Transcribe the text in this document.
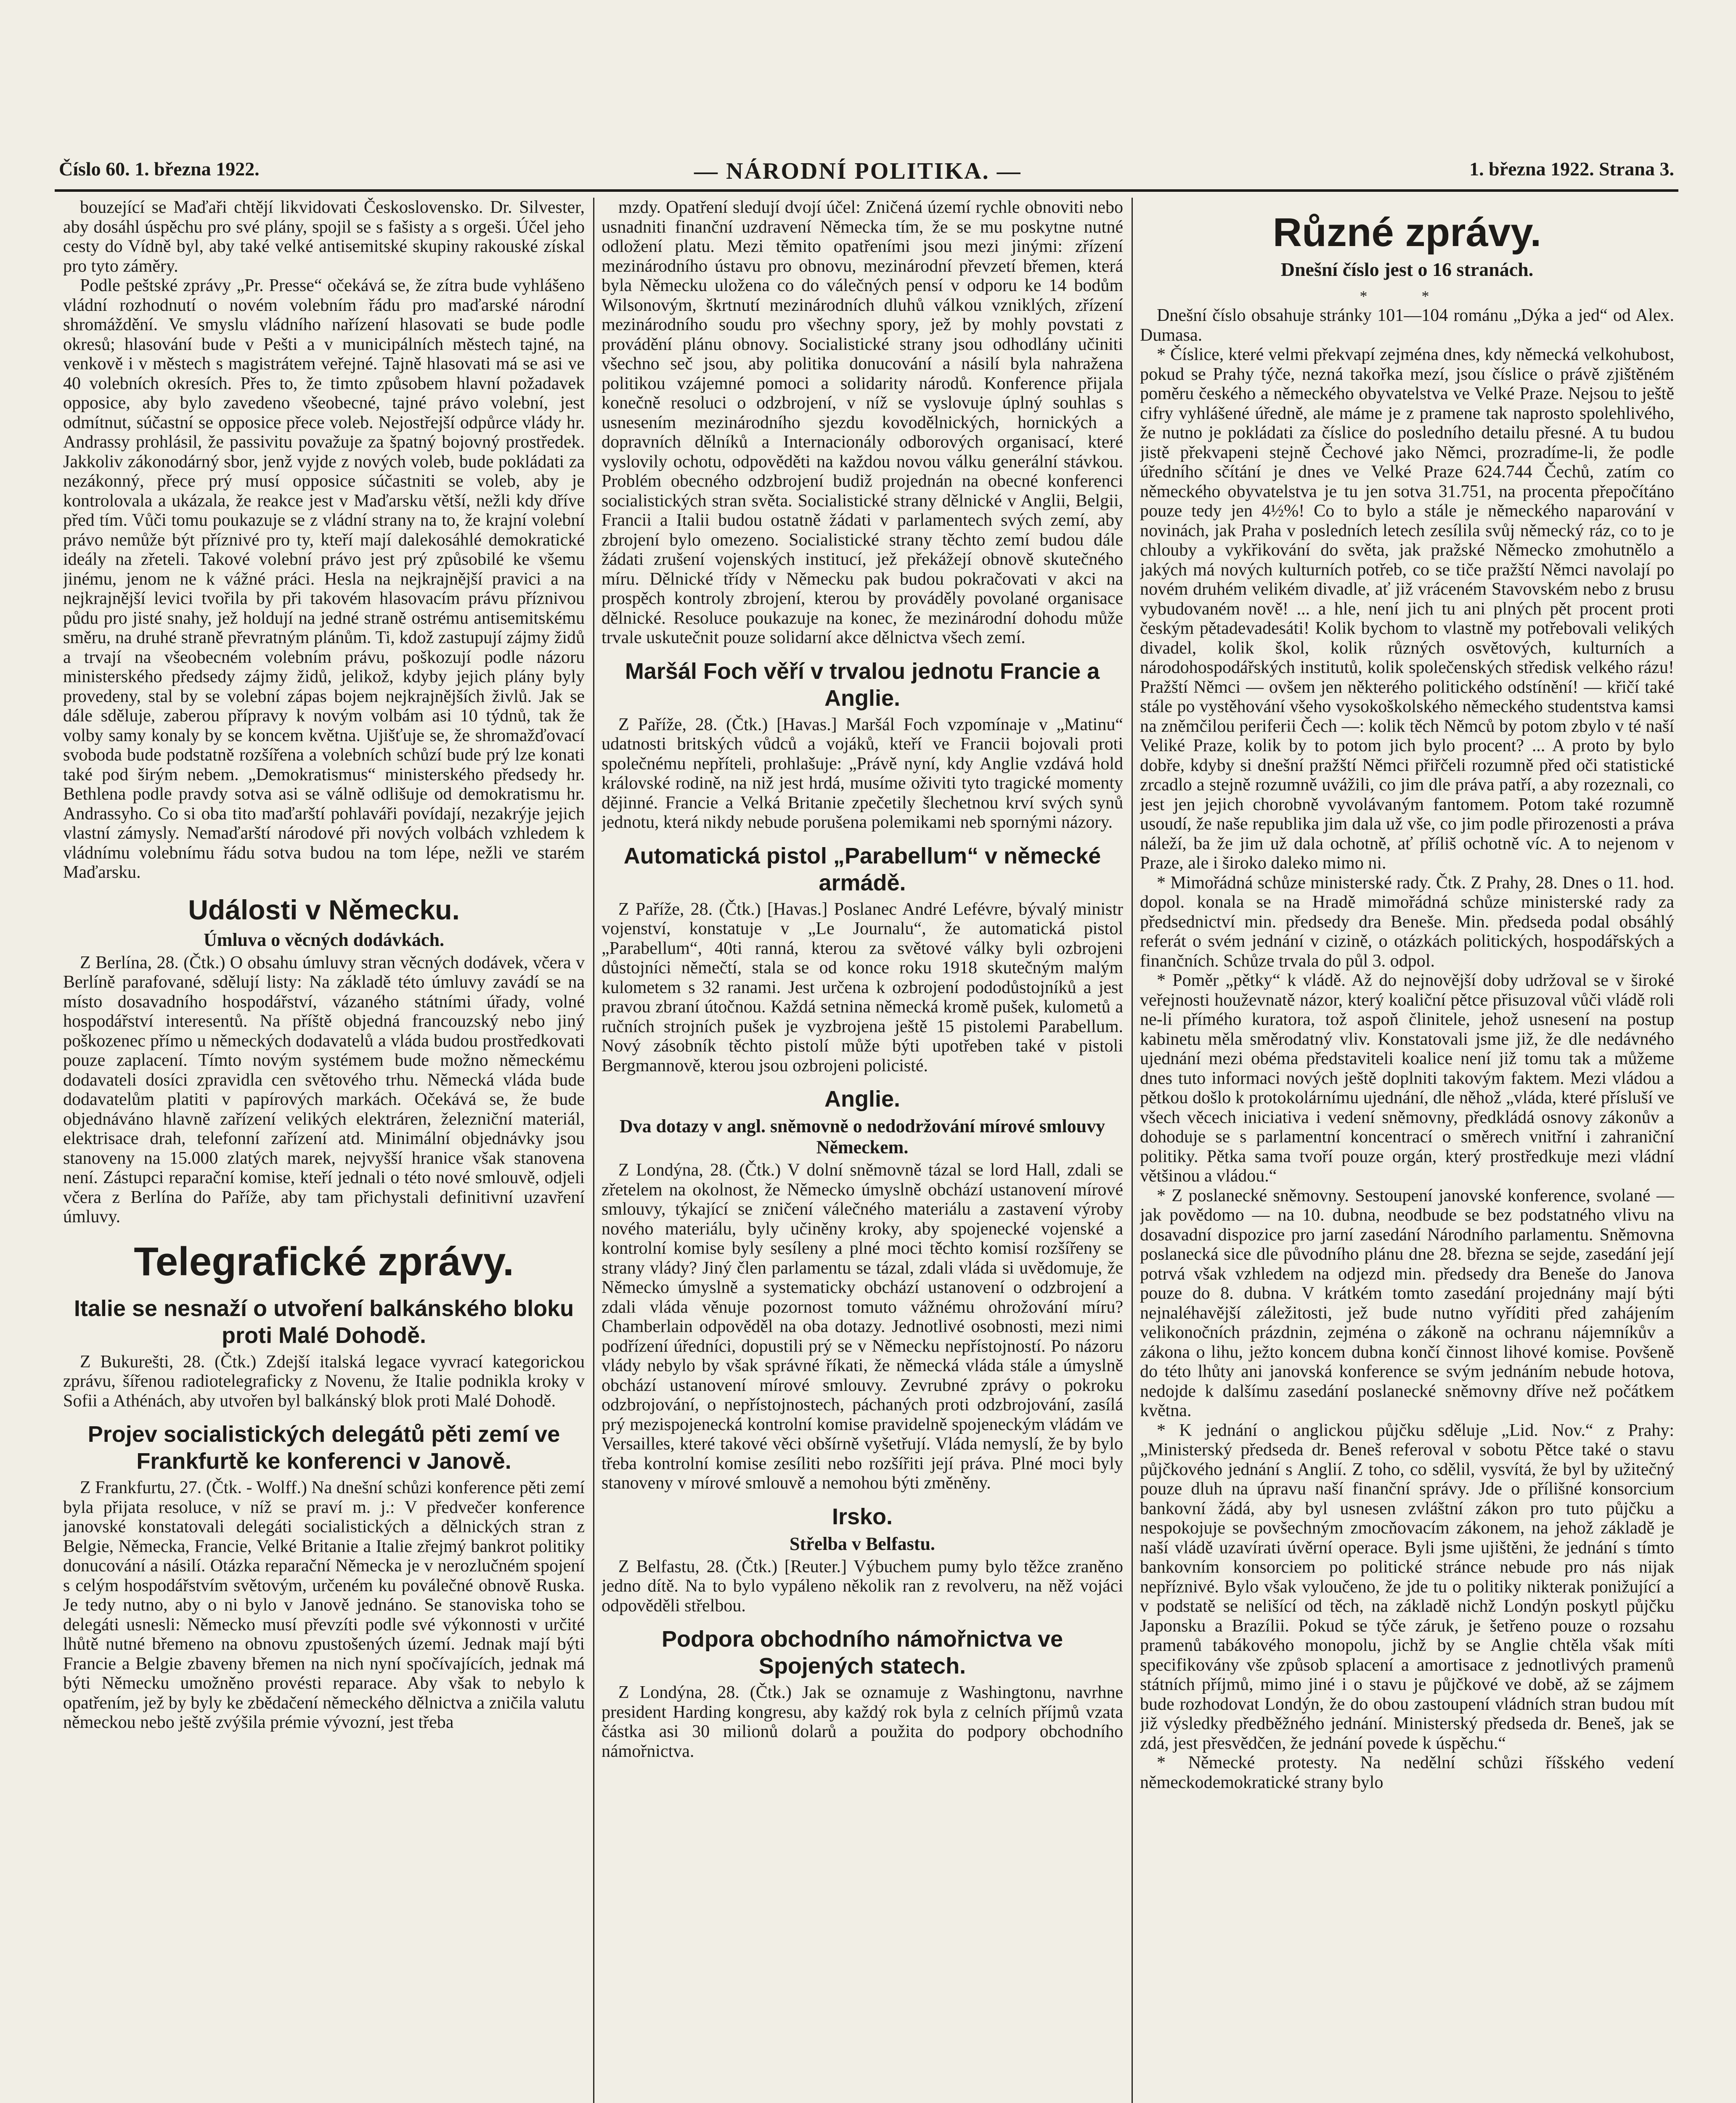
Číslo 60. 1. března 1922.	— NÁRODNÍ POLITIKA. —	1. března 1922. Strana 3.

bouzející se Maďaři chtějí likvidovati Československo. Dr. Silvester, aby dosáhl úspěchu pro své plány, spojil se s fašisty a s orgeši. Účel jeho cesty do Vídně byl, aby také velké antisemitské skupiny rakouské získal pro tyto záměry.

Podle peštské zprávy „Pr. Presse“ očekává se, že zítra bude vyhlášeno vládní rozhodnutí o novém volebním řádu pro maďarské národní shromáždění. Ve smyslu vládního nařízení hlasovati se bude podle okresů; hlasování bude v Pešti a v municipálních městech tajné, na venkově i v městech s magistrátem veřejné. Tajně hlasovati má se asi ve 40 volebních okresích. Přes to, že timto způsobem hlavní požadavek opposice, aby bylo zavedeno všeobecné, tajné právo volební, jest odmítnut, súčastní se opposice přece voleb. Nejostřejší odpůrce vlády hr. Andrassy prohlásil, že passivitu považuje za špatný bojovný prostředek. Jakkoliv zákonodárný sbor, jenž vyjde z nových voleb, bude pokládati za nezákonný, přece prý musí opposice súčastniti se voleb, aby je kontrolovala a ukázala, že reakce jest v Maďarsku větší, nežli kdy dříve před tím. Vůči tomu poukazuje se z vládní strany na to, že krajní volební právo nemůže být příznivé pro ty, kteří mají dalekosáhlé demokratické ideály na zřeteli. Takové volební právo jest prý způsobilé ke všemu jinému, jenom ne k vážné práci. Hesla na nejkrajnější pravici a na nejkrajnější levici tvořila by při takovém hlasovacím právu příznivou půdu pro jisté snahy, jež holdují na jedné straně ostrému antisemitskému směru, na druhé straně převratným plánům. Ti, kdož zastupují zájmy židů a trvají na všeobecném volebním právu, poškozují podle názoru ministerského předsedy zájmy židů, jelikož, kdyby jejich plány byly provedeny, stal by se volební zápas bojem nejkrajnějších živlů. Jak se dále sděluje, zaberou přípravy k novým volbám asi 10 týdnů, tak že volby samy konaly by se koncem května. Ujišťuje se, že shromažďovací svoboda bude podstatně rozšířena a volebních schůzí bude prý lze konati také pod širým nebem. „Demokratismus“ ministerského předsedy hr. Bethlena podle pravdy sotva asi se válně odlišuje od demokratismu hr. Andrassyho. Co si oba tito maďarští pohlaváři povídají, nezakrýje jejich vlastní zámysly. Nemaďarští národové při nových volbách vzhledem k vládnímu volebnímu řádu sotva budou na tom lépe, nežli ve starém Maďarsku.

Události v Německu.
Úmluva o věcných dodávkách.

Z Berlína, 28. (Čtk.) O obsahu úmluvy stran věcných dodávek, včera v Berlíně parafované, sdělují listy: Na základě této úmluvy zavádí se na místo dosavadního hospodářství, vázaného státními úřady, volné hospodářství interesentů. Na příště objedná francouzský nebo jiný poškozenec přímo u německých dodavatelů a vláda budou prostředkovati pouze zaplacení. Tímto novým systémem bude možno německému dodavateli dosíci zpravidla cen světového trhu. Německá vláda bude dodavatelům platiti v papírových markách. Očekává se, že bude objednáváno hlavně zařízení velikých elektráren, železniční materiál, elektrisace drah, telefonní zařízení atd. Minimální objednávky jsou stanoveny na 15.000 zlatých marek, nejvyšší hranice však stanovena není. Zástupci reparační komise, kteří jednali o této nové smlouvě, odjeli včera z Berlína do Paříže, aby tam přichystali definitivní uzavření úmluvy.

Telegrafické zprávy.
Italie se nesnaží o utvoření balkánského bloku proti Malé Dohodě.

Z Bukurešti, 28. (Čtk.) Zdejší italská legace vyvrací kategorickou zprávu, šířenou radiotelegraficky z Novenu, že Italie podnikla kroky v Sofii a Athénách, aby utvořen byl balkánský blok proti Malé Dohodě.

Projev socialistických delegátů pěti zemí ve Frankfurtě ke konferenci v Janově.

Z Frankfurtu, 27. (Čtk. - Wolff.) Na dnešní schůzi konference pěti zemí byla přijata resoluce, v níž se praví m. j.: V předvečer konference janovské konstatovali delegáti socialistických a dělnických stran z Belgie, Německa, Francie, Velké Britanie a Italie zřejmý bankrot politiky donucování a násilí. Otázka reparační Německa je v nerozlučném spojení s celým hospodářstvím světovým, určeném ku poválečné obnově Ruska. Je tedy nutno, aby o ni bylo v Janově jednáno. Se stanoviska toho se delegáti usnesli: Německo musí převzíti podle své výkonnosti v určité lhůtě nutné břemeno na obnovu zpustošených území. Jednak mají býti Francie a Belgie zbaveny břemen na nich nyní spočívajících, jednak má býti Německu umožněno provésti reparace. Aby však to nebylo k opatřením, jež by byly ke zbědačení německého dělnictva a zničila valutu německou nebo ještě zvýšila prémie vývozní, jest třeba

mzdy. Opatření sledují dvojí účel: Zničená území rychle obnoviti nebo usnadniti finanční uzdravení Německa tím, že se mu poskytne nutné odložení platu. Mezi těmito opatřeními jsou mezi jinými: zřízení mezinárodního ústavu pro obnovu, mezinárodní převzetí břemen, která byla Německu uložena co do válečných pensí v odporu ke 14 bodům Wilsonovým, škrtnutí mezinárodních dluhů válkou vzniklých, zřízení mezinárodního soudu pro všechny spory, jež by mohly povstati z provádění plánu obnovy. Socialistické strany jsou odhodlány učiniti všechno seč jsou, aby politika donucování a násilí byla nahražena politikou vzájemné pomoci a solidarity národů. Konference přijala konečně resoluci o odzbrojení, v níž se vyslovuje úplný souhlas s usnesením mezinárodního sjezdu kovodělnických, hornických a dopravních dělníků a Internacionály odborových organisací, které vyslovily ochotu, odpověděti na každou novou válku generální stávkou. Problém obecného odzbrojení budiž projednán na obecné konferenci socialistických stran světa. Socialistické strany dělnické v Anglii, Belgii, Francii a Italii budou ostatně žádati v parlamentech svých zemí, aby zbrojení bylo omezeno. Socialistické strany těchto zemí budou dále žádati zrušení vojenských institucí, jež překážejí obnově skutečného míru. Dělnické třídy v Německu pak budou pokračovati v akci na prospěch kontroly zbrojení, kterou by prováděly povolané organisace dělnické. Resoluce poukazuje na konec, že mezinárodní dohodu může trvale uskutečnit pouze solidarní akce dělnictva všech zemí.

Maršál Foch věří v trvalou jednotu Francie a Anglie.

Z Paříže, 28. (Čtk.) [Havas.] Maršál Foch vzpomínaje v „Matinu“ udatnosti britských vůdců a vojáků, kteří ve Francii bojovali proti společnému nepříteli, prohlašuje: „Právě nyní, kdy Anglie vzdává hold královské rodině, na niž jest hrdá, musíme oživiti tyto tragické momenty dějinné. Francie a Velká Britanie zpečetily šlechetnou krví svých synů jednotu, která nikdy nebude porušena polemikami neb spornými názory.

Automatická pistol „Parabellum“ v německé armádě.

Z Paříže, 28. (Čtk.) [Havas.] Poslanec André Lefévre, bývalý ministr vojenství, konstatuje v „Le Journalu“, že automatická pistol „Parabellum“, 40ti ranná, kterou za světové války byli ozbrojeni důstojníci němečtí, stala se od konce roku 1918 skutečným malým kulometem s 32 ranami. Jest určena k ozbrojení pododůstojníků a jest pravou zbraní útočnou. Každá setnina německá kromě pušek, kulometů a ručních strojních pušek je vyzbrojena ještě 15 pistolemi Parabellum. Nový zásobník těchto pistolí může býti upotřeben také v pistoli Bergmannově, kterou jsou ozbrojeni policisté.

Anglie.
Dva dotazy v angl. sněmovně o nedodržování mírové smlouvy Německem.

Z Londýna, 28. (Čtk.) V dolní sněmovně tázal se lord Hall, zdali se zřetelem na okolnost, že Německo úmyslně obchází ustanovení mírové smlouvy, týkající se zničení válečného materiálu a zastavení výroby nového materiálu, byly učiněny kroky, aby spojenecké vojenské a kontrolní komise byly sesíleny a plné moci těchto komisí rozšířeny se strany vlády? Jiný člen parlamentu se tázal, zdali vláda si uvědomuje, že Německo úmyslně a systematicky obchází ustanovení o odzbrojení a zdali vláda věnuje pozornost tomuto vážnému ohrožování míru? Chamberlain odpověděl na oba dotazy. Jednotlivé osobnosti, mezi nimi podřízení úředníci, dopustili prý se v Německu nepřístojností. Po názoru vlády nebylo by však správné říkati, že německá vláda stále a úmyslně obchází ustanovení mírové smlouvy. Zevrubné zprávy o pokroku odzbrojování, o nepřístojnostech, páchaných proti odzbrojování, zasílá prý mezispojenecká kontrolní komise pravidelně spojeneckým vládám ve Versailles, které takové věci obšírně vyšetřují. Vláda nemyslí, že by bylo třeba kontrolní komise zesíliti nebo rozšířiti její práva. Plné moci byly stanoveny v mírové smlouvě a nemohou býti změněny.

Irsko.
Střelba v Belfastu.

Z Belfastu, 28. (Čtk.) [Reuter.] Výbuchem pumy bylo těžce zraněno jedno dítě. Na to bylo vypáleno několik ran z revolveru, na něž vojáci odpověděli střelbou.

Podpora obchodního námořnictva ve Spojených statech.

Z Londýna, 28. (Čtk.) Jak se oznamuje z Washingtonu, navrhne president Harding kongresu, aby každý rok byla z celních příjmů vzata částka asi 30 milionů dolarů a použita do podpory obchodního námořnictva.

Různé zprávy.
Dnešní číslo jest o 16 stranách.
* *

Dnešní číslo obsahuje stránky 101—104 románu „Dýka a jed“ od Alex. Dumasa.

* Číslice, které velmi překvapí zejména dnes, kdy německá velkohubost, pokud se Prahy týče, nezná takořka mezí, jsou číslice o právě zjištěném poměru českého a německého obyvatelstva ve Velké Praze. Nejsou to ještě cifry vyhlášené úředně, ale máme je z pramene tak naprosto spolehlivého, že nutno je pokládati za číslice do posledního detailu přesné. A tu budou jistě překvapeni stejně Čechové jako Němci, prozradíme-li, že podle úředního sčítání je dnes ve Velké Praze 624.744 Čechů, zatím co německého obyvatelstva je tu jen sotva 31.751, na procenta přepočítáno pouze tedy jen 4½%! Co to bylo a stále je německého naparování v novinách, jak Praha v posledních letech zesílila svůj německý ráz, co to je chlouby a vykřikování do světa, jak pražské Německo zmohutnělo a jakých má nových kulturních potřeb, co se tiče pražští Němci navolají po novém druhém velikém divadle, ať již vráceném Stavovském nebo z brusu vybudovaném nově! ... a hle, není jich tu ani plných pět procent proti českým pětadevadesáti! Kolik bychom to vlastně my potřebovali velikých divadel, kolik škol, kolik různých osvětových, kulturních a národohospodářských institutů, kolik společenských středisk velkého rázu! Pražští Němci — ovšem jen některého politického odstínění! — křičí také stále po vystěhování všeho vysokoškolského německého studentstva kamsi na zněmčilou periferii Čech —: kolik těch Němců by potom zbylo v té naší Veliké Praze, kolik by to potom jich bylo procent? ... A proto by bylo dobře, kdyby si dnešní pražští Němci přiřčeli rozumně před oči statistické zrcadlo a stejně rozumně uvážili, co jim dle práva patří, a aby rozeznali, co jest jen jejich chorobně vyvolávaným fantomem. Potom také rozumně usoudí, že naše republika jim dala už vše, co jim podle přirozenosti a práva náleží, ba že jim už dala ochotně, ať příliš ochotně víc. A to nejenom v Praze, ale i široko daleko mimo ni.

* Mimořádná schůze ministerské rady. Čtk. Z Prahy, 28. Dnes o 11. hod. dopol. konala se na Hradě mimořádná schůze ministerské rady za předsednictví min. předsedy dra Beneše. Min. předseda podal obsáhlý referát o svém jednání v cizině, o otázkách politických, hospodářských a finančních. Schůze trvala do půl 3. odpol.

* Poměr „pětky“ k vládě. Až do nejnovější doby udržoval se v široké veřejnosti houževnatě názor, který koaliční pětce přisuzoval vůči vládě roli ne-li přímého kuratora, tož aspoň člinitele, jehož usnesení na postup kabinetu měla směrodatný vliv. Konstatovali jsme již, že dle nedávného ujednání mezi obéma představiteli koalice není již tomu tak a můžeme dnes tuto informaci nových ještě doplniti takovým faktem. Mezi vládou a pětkou došlo k protokolárnímu ujednání, dle něhož „vláda, které přísluší ve všech věcech iniciativa i vedení sněmovny, předkládá osnovy zákonův a dohoduje se s parlamentní koncentrací o směrech vnitřní i zahraniční politiky. Pětka sama tvoří pouze orgán, který prostředkuje mezi vládní většinou a vládou.“

* Z poslanecké sněmovny. Sestoupení janovské konference, svolané — jak povědomo — na 10. dubna, neodbude se bez podstatného vlivu na dosavadní dispozice pro jarní zasedání Národního parlamentu. Sněmovna poslanecká sice dle původního plánu dne 28. března se sejde, zasedání její potrvá však vzhledem na odjezd min. předsedy dra Beneše do Janova pouze do 8. dubna. V krátkém tomto zasedání projednány mají býti nejnaléhavější záležitosti, jež bude nutno vyříditi před zahájením velikonočních prázdnin, zejména o zákoně na ochranu nájemníkův a zákona o lihu, ježto koncem dubna končí činnost lihové komise. Povšeně do této lhůty ani janovská konference se svým jednáním nebude hotova, nedojde k dalšímu zasedání poslanecké sněmovny dříve než počátkem května.

* K jednání o anglickou půjčku sděluje „Lid. Nov.“ z Prahy: „Ministerský předseda dr. Beneš referoval v sobotu Pětce také o stavu půjčkového jednání s Anglií. Z toho, co sdělil, vysvítá, že byl by užitečný pouze dluh na úpravu naší finanční správy. Jde o přílišné konsorcium bankovní žádá, aby byl usnesen zvláštní zákon pro tuto půjčku a nespokojuje se povšechným zmocňovacím zákonem, na jehož základě je naší vládě uzavírati úvěrní operace. Byli jsme ujištěni, že jednání s tímto bankovním konsorciem po politické stránce nebude pro nás nijak nepříznivé. Bylo však vyloučeno, že jde tu o politiky nikterak ponižující a v podstatě se nelišící od těch, na základě nichž Londýn poskytl půjčku Japonsku a Brazílii. Pokud se týče záruk, je šetřeno pouze o rozsahu pramenů tabákového monopolu, jichž by se Anglie chtěla však míti specifikovány vše způsob splacení a amortisace z jednotlivých pramenů státních příjmů, mimo jiné i o stavu je půjčkové ve době, až se zájmem bude rozhodovat Londýn, že do obou zastoupení vládních stran budou mít již výsledky předběžného jednání. Ministerský předseda dr. Beneš, jak se zdá, jest přesvědčen, že jednání povede k úspěchu.“

* Německé protesty. Na nedělní schůzi říšského vedení německodemokratické strany bylo
